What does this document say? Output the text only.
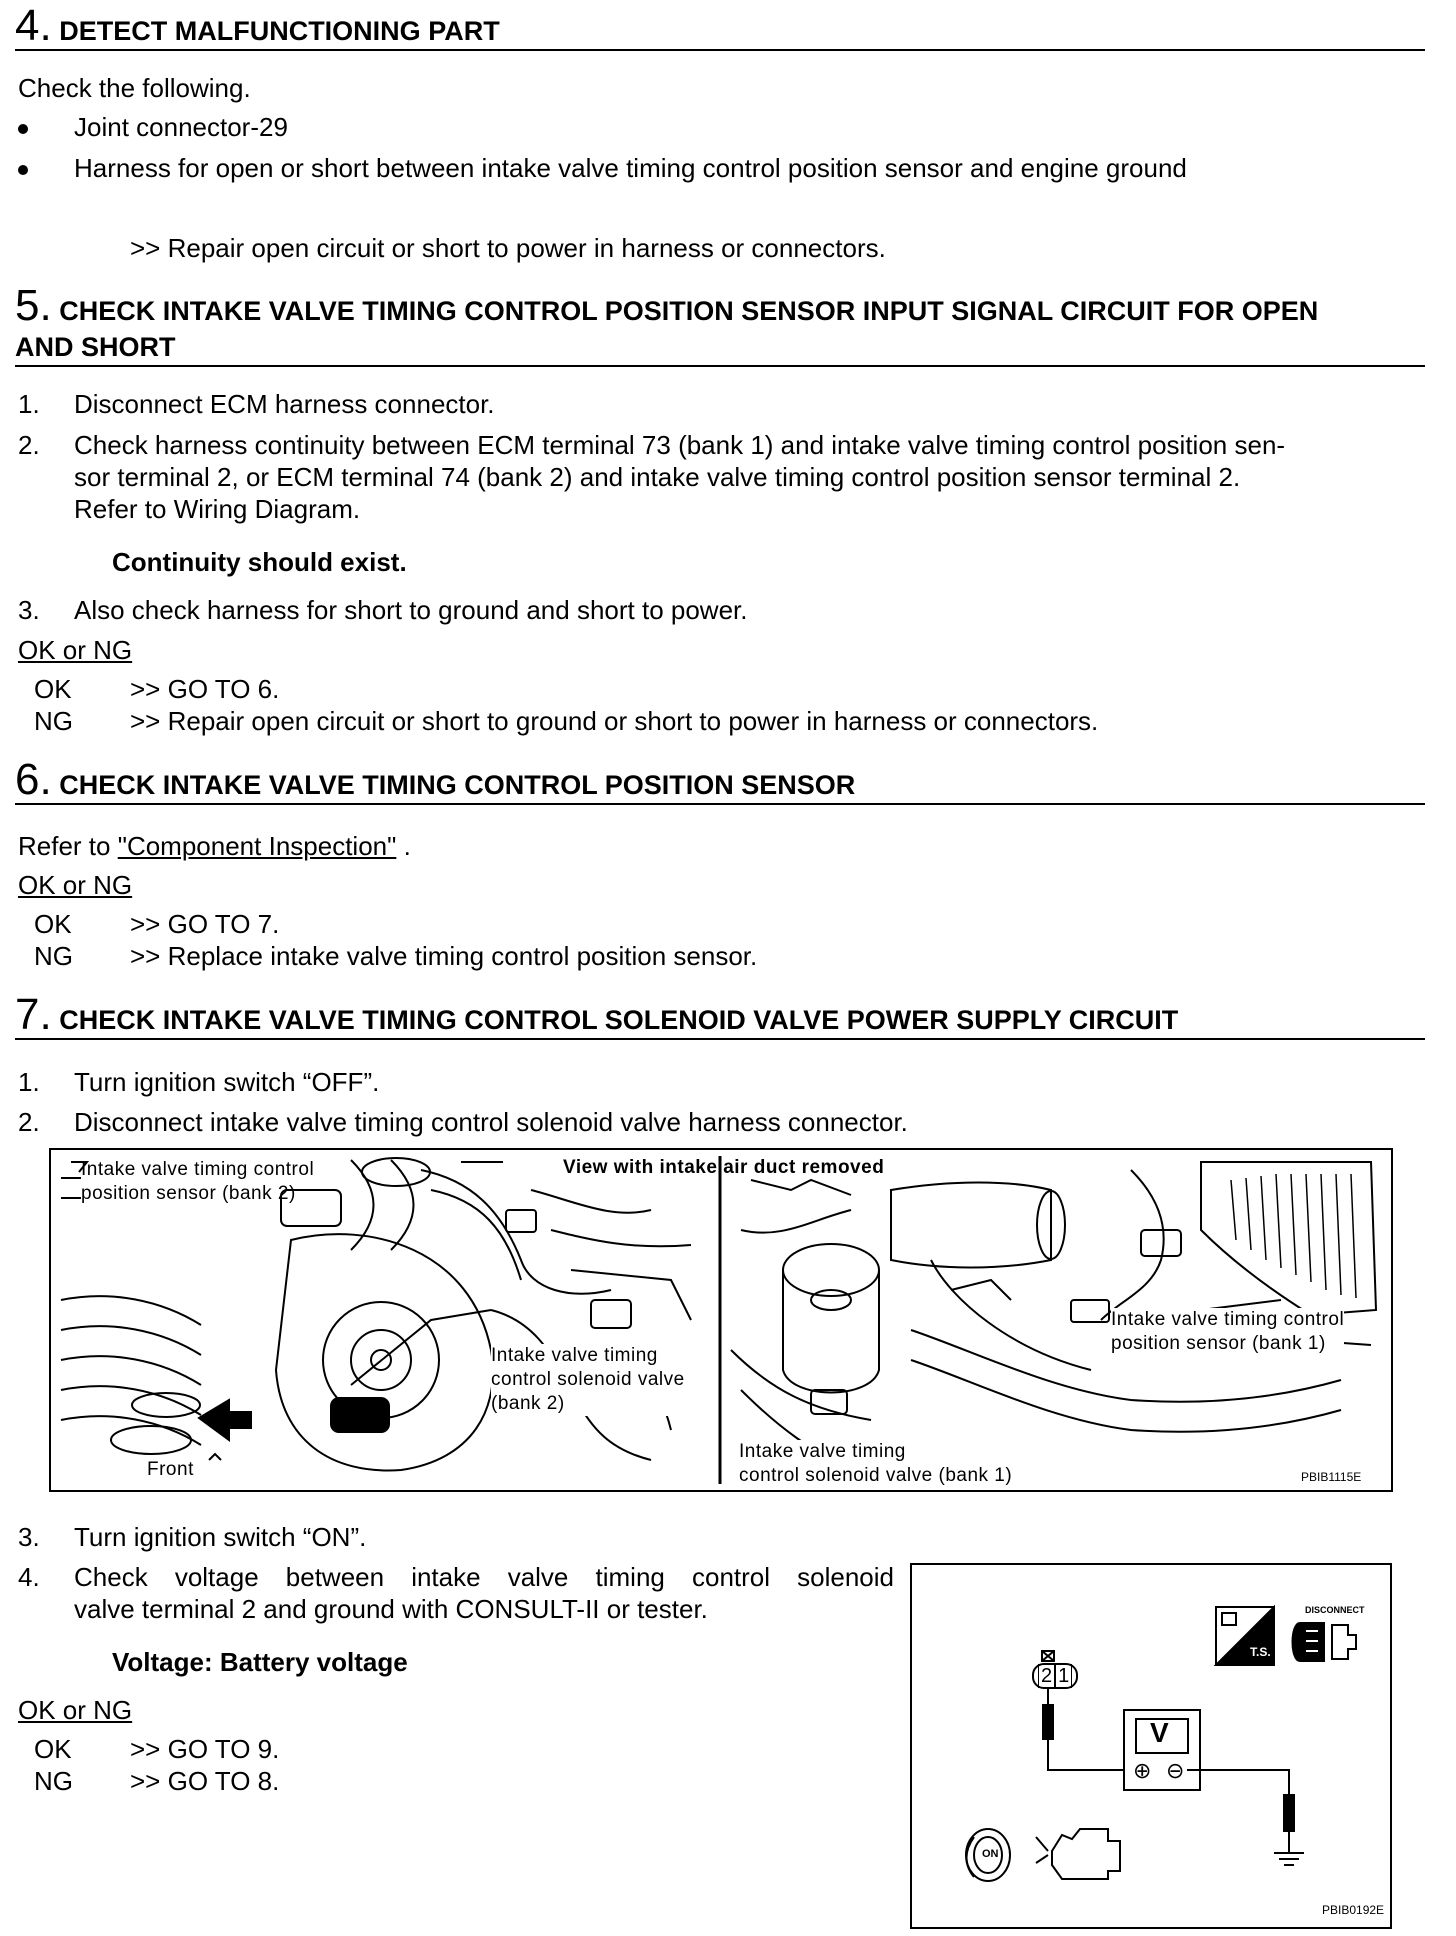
4. DETECT MALFUNCTIONING PART
Check the following.
Joint connector-29
Harness for open or short between intake valve timing control position sensor and engine ground
>> Repair open circuit or short to power in harness or connectors.
5. CHECK INTAKE VALVE TIMING CONTROL POSITION SENSOR INPUT SIGNAL CIRCUIT FOR OPEN
AND SHORT
1. Disconnect ECM harness connector.
2. Check harness continuity between ECM terminal 73 (bank 1) and intake valve timing control position sen-
sor terminal 2, or ECM terminal 74 (bank 2) and intake valve timing control position sensor terminal 2.
Refer to Wiring Diagram.
Continuity should exist.
3. Also check harness for short to ground and short to power.
OK or NG
OK >> GO TO 6.
NG >> Repair open circuit or short to ground or short to power in harness or connectors.
6. CHECK INTAKE VALVE TIMING CONTROL POSITION SENSOR
Refer to "Component Inspection" .
OK or NG
OK >> GO TO 7.
NG >> Replace intake valve timing control position sensor.
7. CHECK INTAKE VALVE TIMING CONTROL SOLENOID VALVE POWER SUPPLY CIRCUIT
1. Turn ignition switch “OFF”.
2. Disconnect intake valve timing control solenoid valve harness connector.
Intake valve timing control
position sensor (bank 2)
View with intake air duct removed
Intake valve timing
control solenoid valve
(bank 2)
Front
Intake valve timing control
position sensor (bank 1)
Intake valve timing
control solenoid valve (bank 1)	PBIB1115E
3. Turn ignition switch “ON”.
4. Check voltage between intake valve timing control solenoid
valve terminal 2 and ground with CONSULT-II or tester.
Voltage: Battery voltage
OK or NG
OK >> GO TO 9.
NG >> GO TO 8.
DISCONNECT
T.S.
2 1
V
⊕ ⊖
ON
PBIB0192E
